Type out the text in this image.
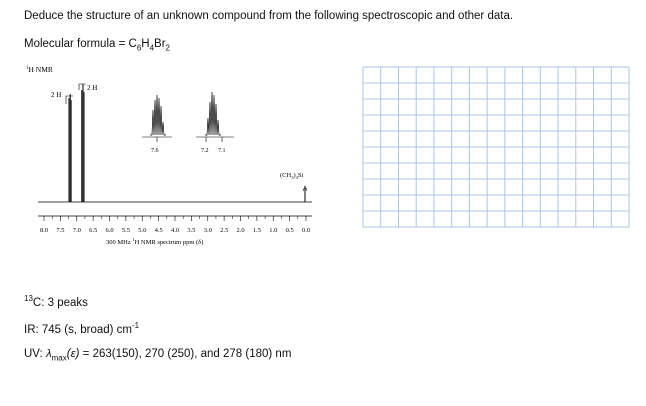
Deduce the structure of an unknown compound from the following spectroscopic and other data.
Molecular formula = $C_6H_4Br_2$
$^1$H NMR
2 H
2 H
7.6	7.2 7.1
$(CH_3)_4Si$
8.0 7.5 7.0 6.5 6.0 5.5 5.0 4.5 4.0 3.5 3.0 2.5 2.0 1.5 1.0 0.5 0.0
300 MHz $^1$H NMR spectrum ppm (δ)
$^{13}$C: 3 peaks
IR: 745 (s, broad) $cm^{-1}$
UV: $\lambda_{max}(\varepsilon) = 263(150)$, 270 (250), and 278 (180) nm
